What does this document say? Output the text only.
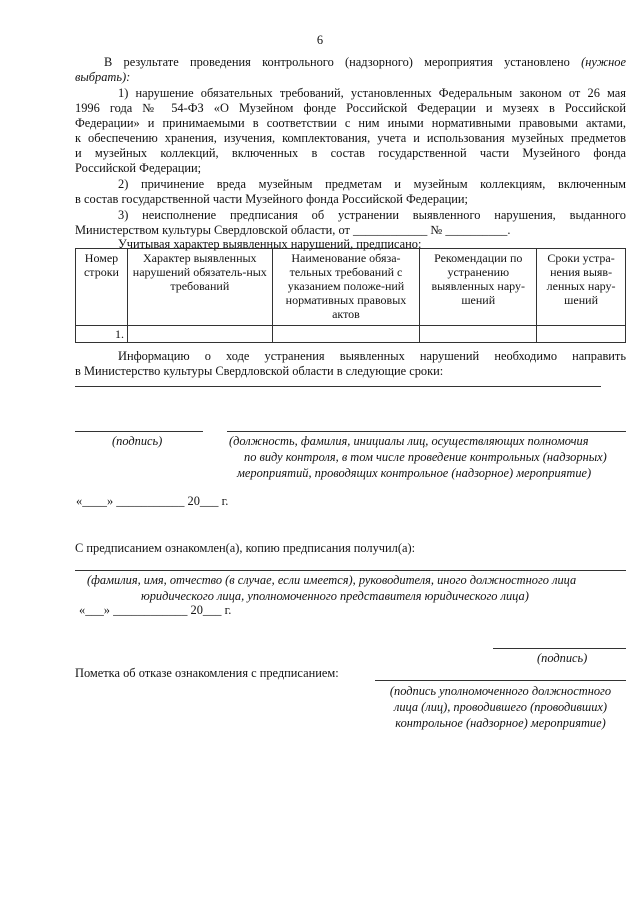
6
В результате проведения контрольного (надзорного) мероприятия установлено (нужное
выбрать):
1) нарушение обязательных требований, установленных Федеральным законом от 26 мая
1996 года № 54-ФЗ «О Музейном фонде Российской Федерации и музеях в Российской
Федерации» и принимаемыми в соответствии с ним иными нормативными правовыми актами,
к обеспечению хранения, изучения, комплектования, учета и использования музейных предметов
и музейных коллекций, включенных в состав государственной части Музейного фонда
Российской Федерации;
2) причинение вреда музейным предметам и музейным коллекциям, включенным
в состав государственной части Музейного фонда Российской Федерации;
3) неисполнение предписания об устранении выявленного нарушения, выданного
Министерством культуры Свердловской области, от ____________ № __________.
Учитывая характер выявленных нарушений, предписано:
Номер строки	Характер выявленных нарушений обязатель-ных требований	Наименование обяза-тельных требований с указанием положе-ний нормативных правовых актов	Рекомендации по устранению выявленных нару-шений	Сроки устра-нения выяв-ленных нару-шений
1.				
Информацию о ходе устранения выявленных нарушений необходимо направить
в Министерство культуры Свердловской области в следующие сроки:
(подпись)	(должность, фамилия, инициалы лиц, осуществляющих полномочия
по виду контроля, в том числе проведение контрольных (надзорных)
мероприятий, проводящих контрольное (надзорное) мероприятие)
«____» ___________ 20___ г.
С предписанием ознакомлен(а), копию предписания получил(а):
(фамилия, имя, отчество (в случае, если имеется), руководителя, иного должностного лица
юридического лица, уполномоченного представителя юридического лица)
«___» ____________ 20___ г.
(подпись)
Пометка об отказе ознакомления с предписанием:
(подпись уполномоченного должностного
лица (лиц), проводившего (проводивших)
контрольное (надзорное) мероприятие)
